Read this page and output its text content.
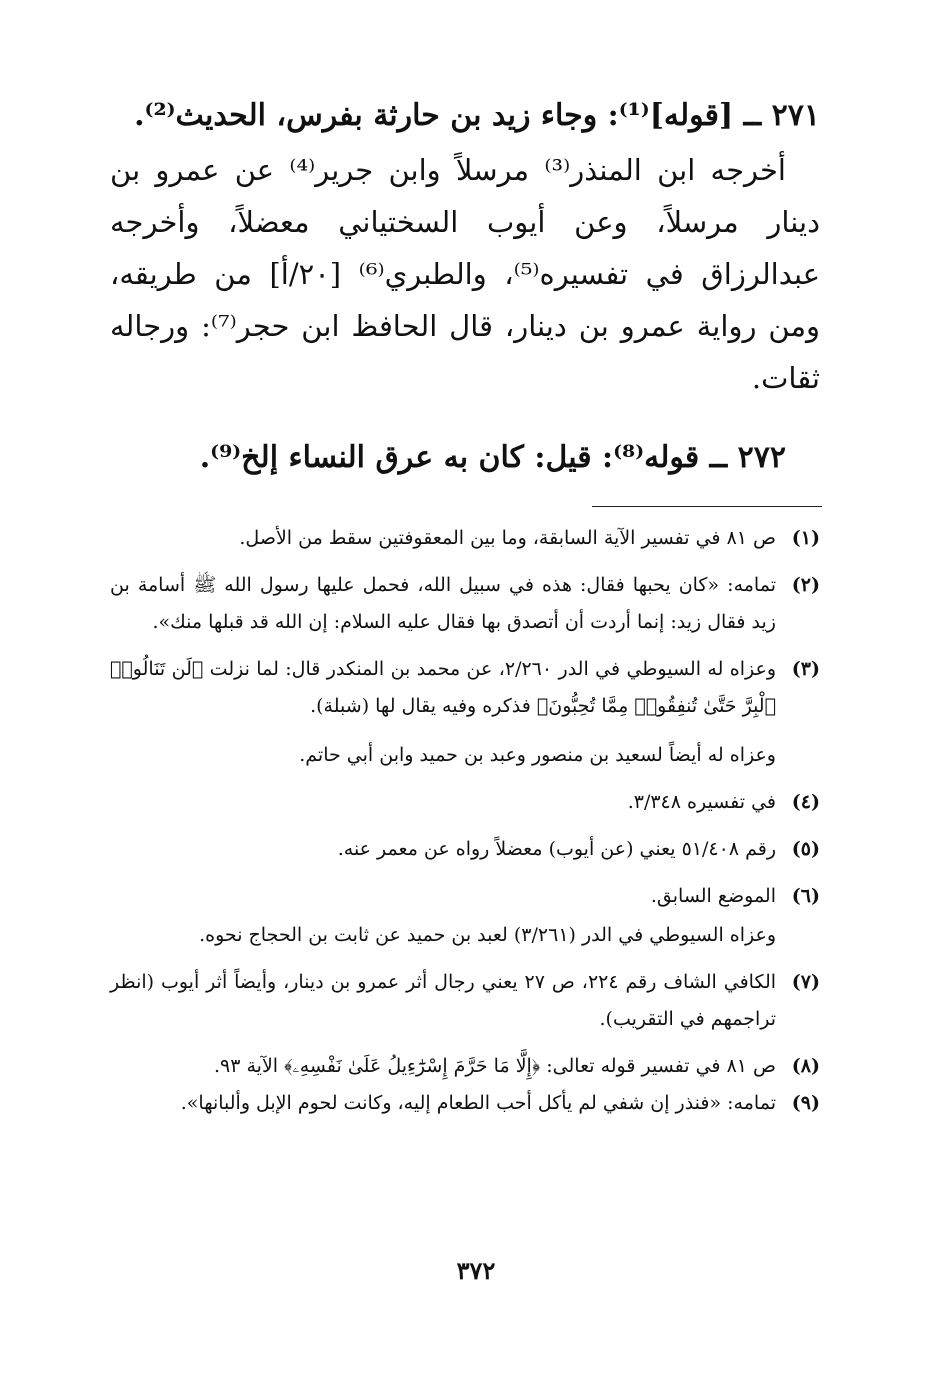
٢٧١ ــ [قوله]⁽¹⁾: وجاء زيد بن حارثة بفرس، الحديث⁽²⁾.

أخرجه ابن المنذر⁽³⁾ مرسلاً وابن جرير⁽⁴⁾ عن عمرو بن دينار مرسلاً، وعن أيوب السختياني معضلاً، وأخرجه عبدالرزاق في تفسيره⁽⁵⁾، والطبري⁽⁶⁾ [٢٠/أ] من طريقه، ومن رواية عمرو بن دينار، قال الحافظ ابن حجر⁽⁷⁾: ورجاله ثقات.

٢٧٢ ــ قوله⁽⁸⁾: قيل: كان به عرق النساء إلخ⁽⁹⁾.

(١)

ص ٨١ في تفسير الآية السابقة، وما بين المعقوفتين سقط من الأصل.

(٢)

تمامه: «كان يحبها فقال: هذه في سبيل الله، فحمل عليها رسول الله ﷺ أسامة بن زيد فقال زيد: إنما أردت أن أتصدق بها فقال عليه السلام: إن الله قد قبلها منك».

(٣)

وعزاه له السيوطي في الدر ٢/٢٦٠، عن محمد بن المنكدر قال: لما نزلت ﴿لَن تَنَالُوا۟ ٱلْبِرَّ حَتَّىٰ تُنفِقُوا۟ مِمَّا تُحِبُّونَ﴾ فذكره وفيه يقال لها (شبلة).

وعزاه له أيضاً لسعيد بن منصور وعبد بن حميد وابن أبي حاتم.

(٤)

في تفسيره ٣/٣٤٨.

(٥)

رقم ٥١/٤٠٨ يعني (عن أيوب) معضلاً رواه عن معمر عنه.

(٦)

الموضع السابق.

وعزاه السيوطي في الدر (٣/٢٦١) لعبد بن حميد عن ثابت بن الحجاج نحوه.

(٧)

الكافي الشاف رقم ٢٢٤، ص ٢٧ يعني رجال أثر عمرو بن دينار، وأيضاً أثر أيوب (انظر تراجمهم في التقريب).

(٨)

ص ٨١ في تفسير قوله تعالى: ﴿إِلَّا مَا حَرَّمَ إِسْرَٰٓءِيلُ عَلَىٰ نَفْسِهِۦ﴾ الآية ٩٣.

(٩)

تمامه: «فنذر إن شفي لم يأكل أحب الطعام إليه، وكانت لحوم الإبل وألبانها».

٣٧٢
